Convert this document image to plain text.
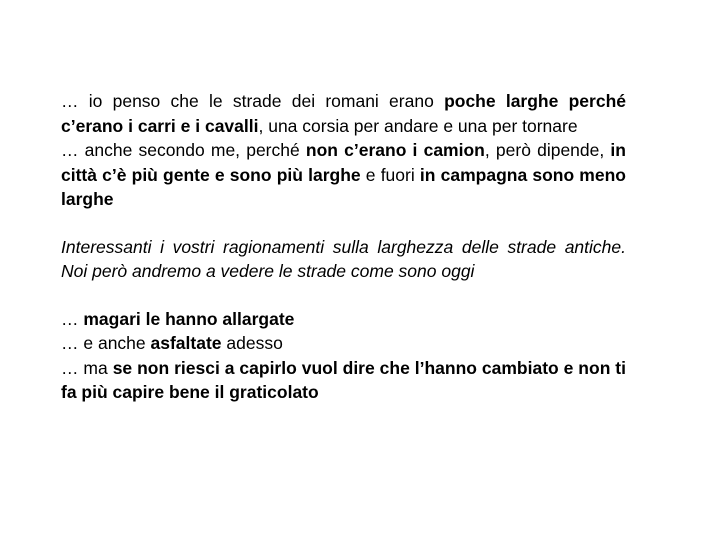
… io penso che le strade dei romani erano poche larghe perché c’erano i carri e i cavalli, una corsia per andare e una per tornare
… anche secondo me, perché non c’erano i camion, però dipende, in città c’è più gente e sono più larghe e fuori in campagna sono meno larghe

Interessanti i vostri ragionamenti sulla larghezza delle strade antiche. Noi però andremo a vedere le strade come sono oggi

… magari le hanno allargate
… e anche asfaltate adesso
… ma se non riesci a capirlo vuol dire che l’hanno cambiato e non ti fa più capire bene il graticolato
